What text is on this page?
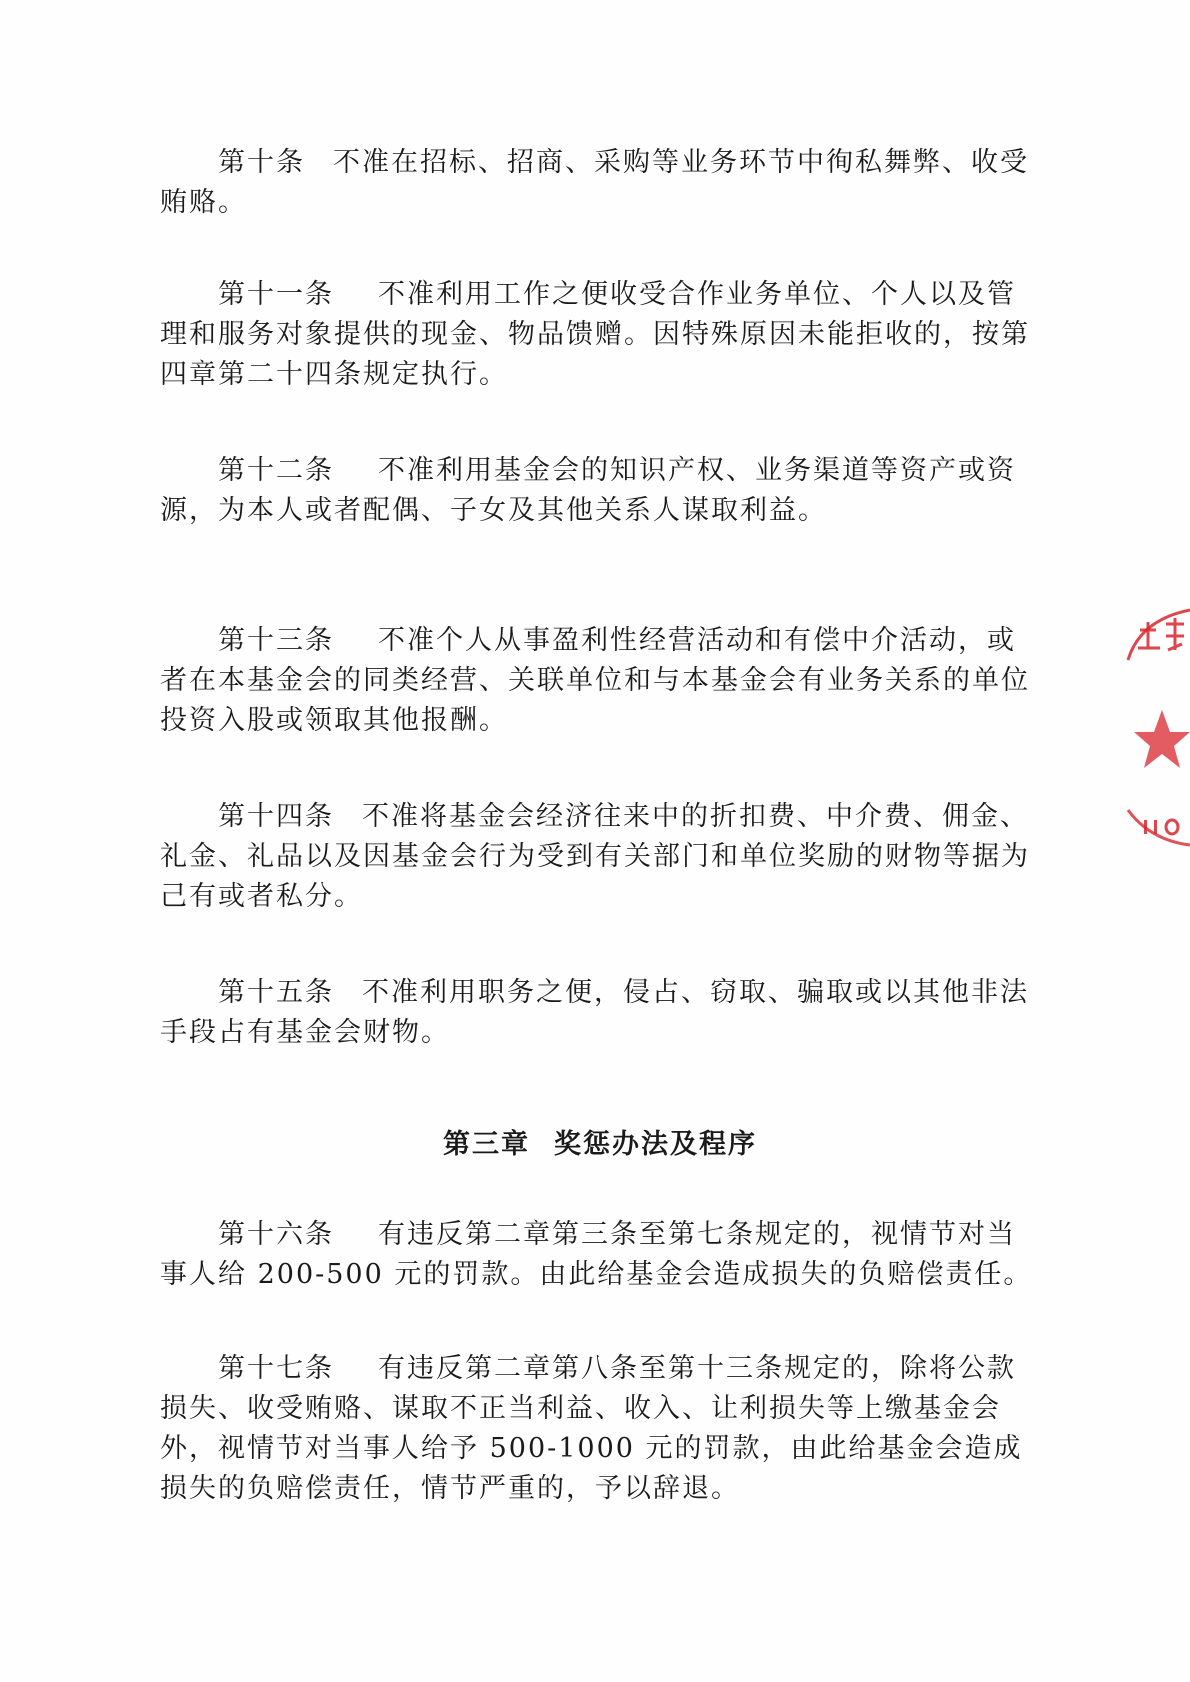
第十条 不准在招标、招商、采购等业务环节中徇私舞弊、收受贿赂。

第十一条 不准利用工作之便收受合作业务单位、个人以及管理和服务对象提供的现金、物品馈赠。因特殊原因未能拒收的，按第四章第二十四条规定执行。

第十二条 不准利用基金会的知识产权、业务渠道等资产或资源，为本人或者配偶、子女及其他关系人谋取利益。

第十三条 不准个人从事盈利性经营活动和有偿中介活动，或者在本基金会的同类经营、关联单位和与本基金会有业务关系的单位投资入股或领取其他报酬。

第十四条 不准将基金会经济往来中的折扣费、中介费、佣金、礼金、礼品以及因基金会行为受到有关部门和单位奖励的财物等据为己有或者私分。

第十五条 不准利用职务之便，侵占、窃取、骗取或以其他非法手段占有基金会财物。

第三章 奖惩办法及程序

第十六条 有违反第二章第三条至第七条规定的，视情节对当事人给 200-500 元的罚款。由此给基金会造成损失的负赔偿责任。

第十七条 有违反第二章第八条至第十三条规定的，除将公款损失、收受贿赂、谋取不正当利益、收入、让利损失等上缴基金会外，视情节对当事人给予 500-1000 元的罚款，由此给基金会造成损失的负赔偿责任，情节严重的，予以辞退。
